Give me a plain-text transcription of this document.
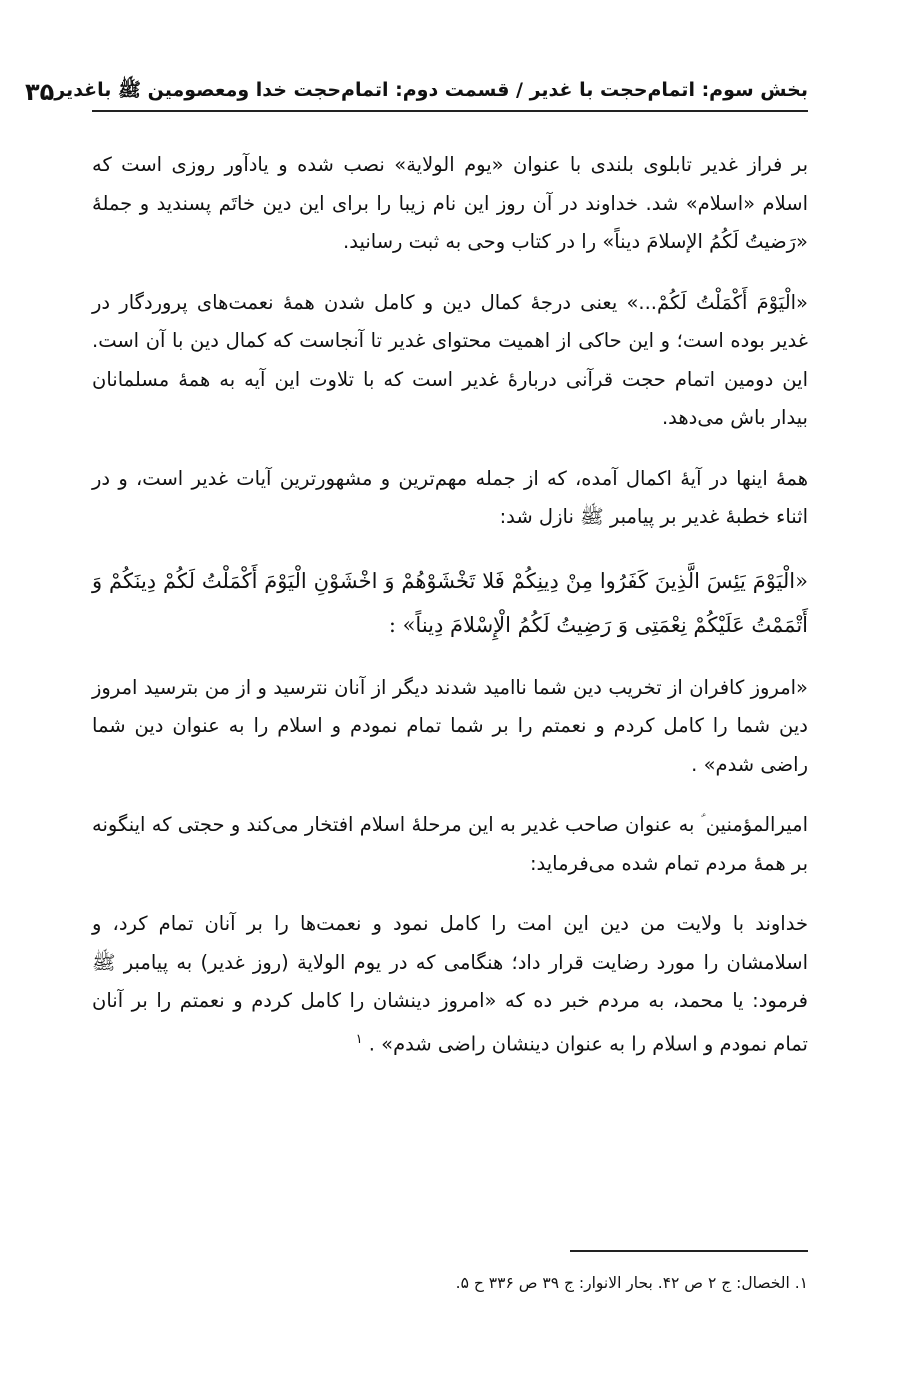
بخش سوم: اتمام‌حجت با غدیر / قسمت دوم: اتمام‌حجت خدا ومعصومین ﷺ باغدیر
۳۵

بر فراز غدیر تابلوی بلندی با عنوان «یوم الولایة» نصب شده و یادآور روزی است که اسلام «اسلام» شد. خداوند در آن روز این نام زیبا را برای این دین خاتَم پسندید و جملۀ «رَضیتُ لَکُمُ الإسلامَ دیناً» را در کتاب وحی به ثبت رسانید.

«الْیَوْمَ أَکْمَلْتُ لَکُمْ...» یعنی درجۀ کمال دین و کامل شدن همۀ نعمت‌های پروردگار در غدیر بوده است؛ و این حاکی از اهمیت محتوای غدیر تا آنجاست که کمال دین با آن است. این دومین اتمام حجت قرآنی دربارۀ غدیر است که با تلاوت این آیه به همۀ مسلمانان بیدار باش می‌دهد.

همۀ اینها در آیۀ اکمال آمده، که از جمله مهم‌ترین و مشهورترین آیات غدیر است، و در اثناء خطبۀ غدیر بر پیامبر ﷺ نازل شد:

«الْیَوْمَ یَئِسَ الَّذِینَ کَفَرُوا مِنْ دِینِکُمْ فَلا تَخْشَوْهُمْ وَ اخْشَوْنِ الْیَوْمَ أَکْمَلْتُ لَکُمْ دِینَکُمْ وَ أَتْمَمْتُ عَلَیْکُمْ نِعْمَتِی وَ رَضِیتُ لَکُمُ الْإِسْلامَ دِیناً» :

«امروز کافران از تخریب دین شما ناامید شدند دیگر از آنان نترسید و از من بترسید امروز دین شما را کامل کردم و نعمتم را بر شما تمام نمودم و اسلام را به عنوان دین شما راضی شدم» .

امیرالمؤمنین ؑ به عنوان صاحب غدیر به این مرحلۀ اسلام افتخار می‌کند و حجتی که اینگونه بر همۀ مردم تمام شده می‌فرماید:

خداوند با ولایت من دین این امت را کامل نمود و نعمت‌ها را بر آنان تمام کرد، و اسلامشان را مورد رضایت قرار داد؛ هنگامی که در یوم الولایة (روز غدیر) به پیامبر ﷺ فرمود: یا محمد، به مردم خبر ده که «امروز دینشان را کامل کردم و نعمتم را بر آنان تمام نمودم و اسلام را به عنوان دینشان راضی شدم» . $^۱$

۱. الخصال: ج ۲ ص ۴۲. بحار الانوار: ج ۳۹ ص ۳۳۶ ح ۵.
